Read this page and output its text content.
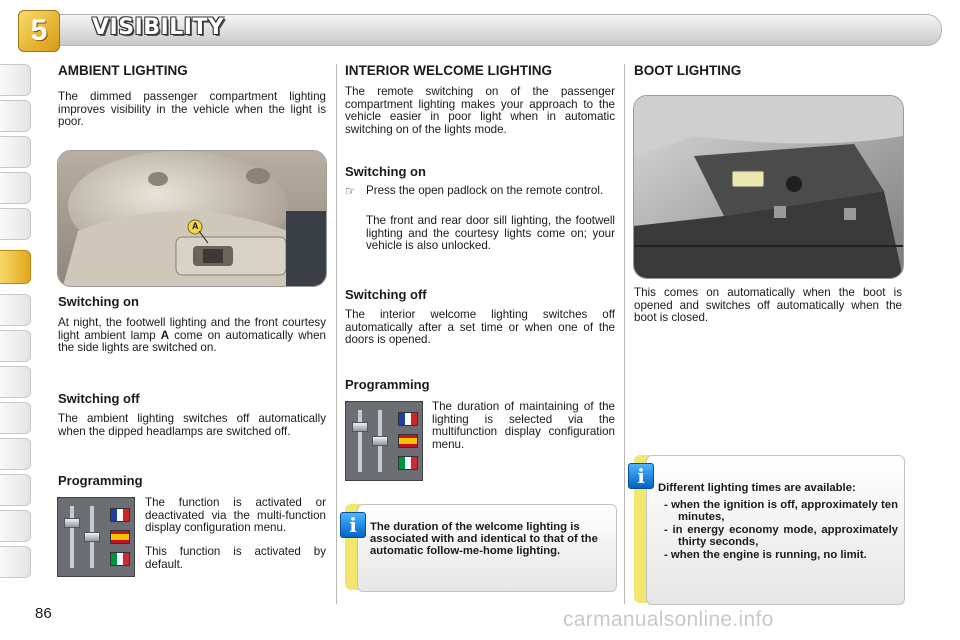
5	VISIBILITY
AMBIENT LIGHTING

The dimmed passenger compartment lighting improves visibility in the vehicle when the light is poor.

A
Switching on

At night, the footwell lighting and the front courtesy light ambient lamp A come on automatically when the side lights are switched on.

Switching off

The ambient lighting switches off automatically when the dipped headlamps are switched off.

Programming

The function is activated or deactivated via the multi-function display configuration menu.

This function is activated by default.

INTERIOR WELCOME LIGHTING

The remote switching on of the passenger compartment lighting makes your approach to the vehicle easier in poor light when in automatic switching on of the lights mode.

Switching on
☞ Press the open padlock on the remote control.

The front and rear door sill lighting, the footwell lighting and the courtesy lights come on; your vehicle is also unlocked.

Switching off

The interior welcome lighting switches off automatically after a set time or when one of the doors is opened.

Programming

The duration of maintaining of the lighting is selected via the multifunction display configuration menu.

i	The duration of the welcome lighting is associated with and identical to that of the automatic follow-me-home lighting.

BOOT LIGHTING

This comes on automatically when the boot is opened and switches off automatically when the boot is closed.

i	Different lighting times are available:

- when the ignition is off, approximately ten minutes,
- in energy economy mode, approximately thirty seconds,
- when the engine is running, no limit.
86	carmanualsonline.info
